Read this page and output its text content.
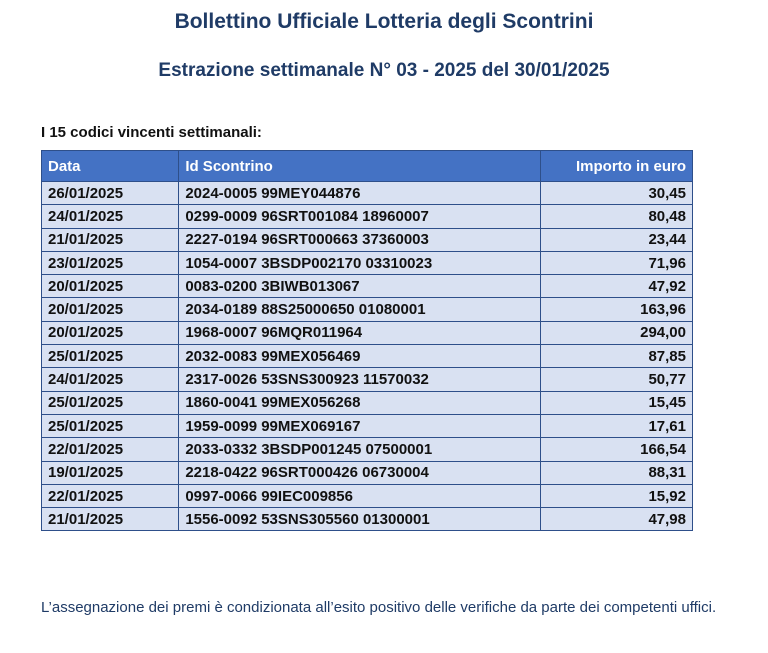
Bollettino Ufficiale Lotteria degli Scontrini
Estrazione settimanale N° 03 - 2025 del 30/01/2025
I 15 codici vincenti settimanali:
Data	Id Scontrino	Importo in euro
26/01/2025	2024-0005 99MEY044876	30,45
24/01/2025	0299-0009 96SRT001084 18960007	80,48
21/01/2025	2227-0194 96SRT000663 37360003	23,44
23/01/2025	1054-0007 3BSDP002170 03310023	71,96
20/01/2025	0083-0200 3BIWB013067	47,92
20/01/2025	2034-0189 88S25000650 01080001	163,96
20/01/2025	1968-0007 96MQR011964	294,00
25/01/2025	2032-0083 99MEX056469	87,85
24/01/2025	2317-0026 53SNS300923 11570032	50,77
25/01/2025	1860-0041 99MEX056268	15,45
25/01/2025	1959-0099 99MEX069167	17,61
22/01/2025	2033-0332 3BSDP001245 07500001	166,54
19/01/2025	2218-0422 96SRT000426 06730004	88,31
22/01/2025	0997-0066 99IEC009856	15,92
21/01/2025	1556-0092 53SNS305560 01300001	47,98
L’assegnazione dei premi è condizionata all’esito positivo delle verifiche da parte dei competenti uffici.
